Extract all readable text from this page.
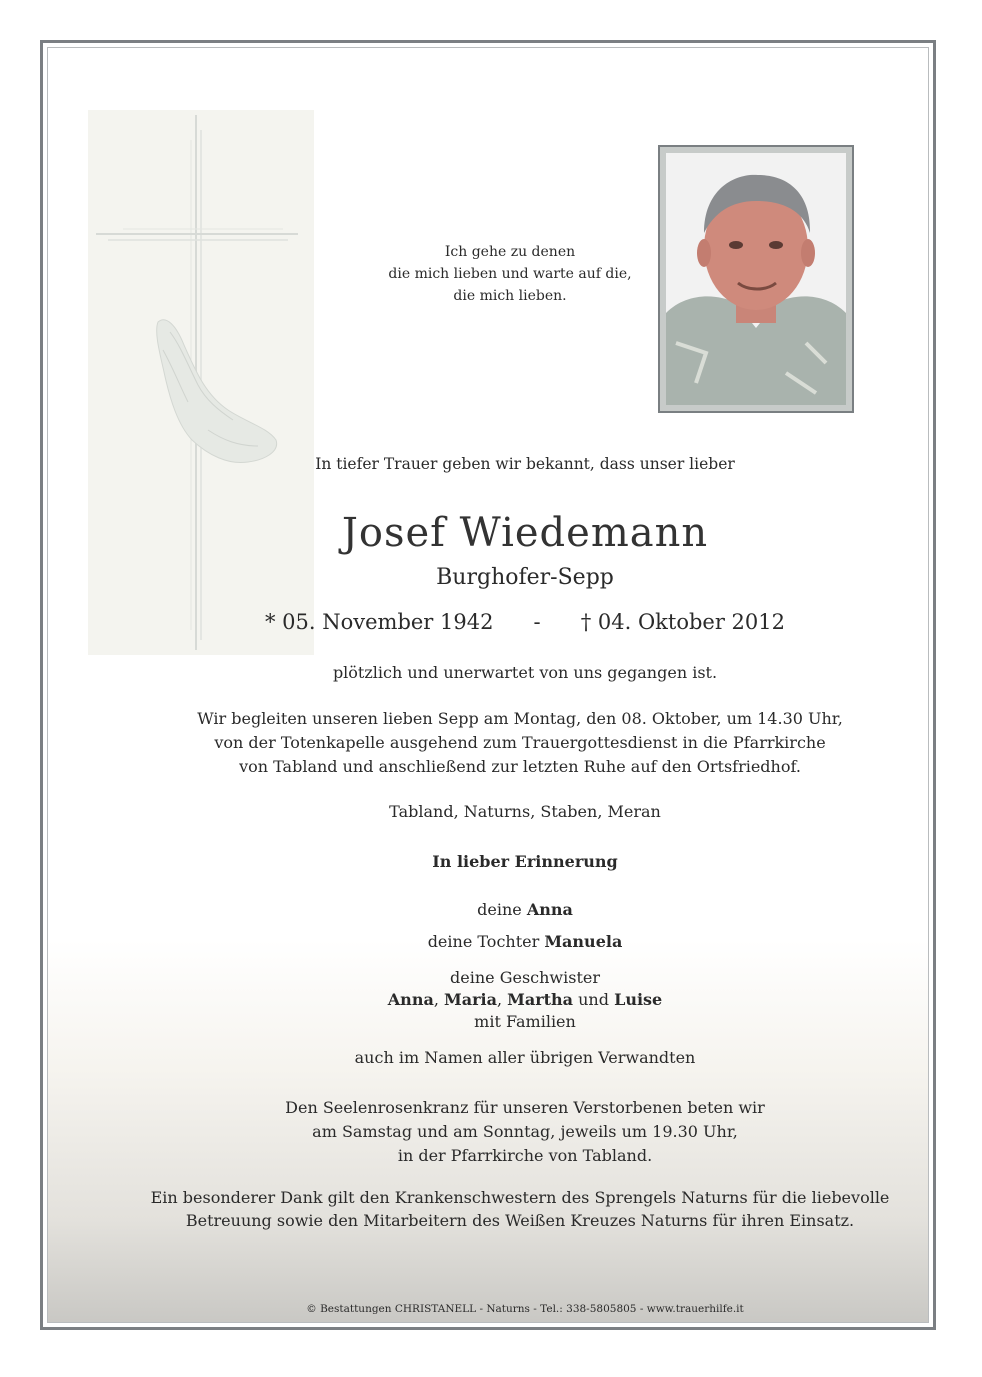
Ich gehe zu denen
die mich lieben und warte auf die,
die mich lieben.
In tiefer Trauer geben wir bekannt, dass unser lieber
Josef Wiedemann
Burghofer-Sepp
* 05. November 1942 - † 04. Oktober 2012
plötzlich und unerwartet von uns gegangen ist.
Wir begleiten unseren lieben Sepp am Montag, den 08. Oktober, um 14.30 Uhr,
von der Totenkapelle ausgehend zum Trauergottesdienst in die Pfarrkirche
von Tabland und anschließend zur letzten Ruhe auf den Ortsfriedhof.
Tabland, Naturns, Staben, Meran
In lieber Erinnerung
deine Anna
deine Tochter Manuela
deine Geschwister
Anna, Maria, Martha und Luise
mit Familien
auch im Namen aller übrigen Verwandten
Den Seelenrosenkranz für unseren Verstorbenen beten wir
am Samstag und am Sonntag, jeweils um 19.30 Uhr,
in der Pfarrkirche von Tabland.
Ein besonderer Dank gilt den Krankenschwestern des Sprengels Naturns für die liebevolle
Betreuung sowie den Mitarbeitern des Weißen Kreuzes Naturns für ihren Einsatz.
© Bestattungen CHRISTANELL - Naturns - Tel.: 338-5805805 - www.trauerhilfe.it
